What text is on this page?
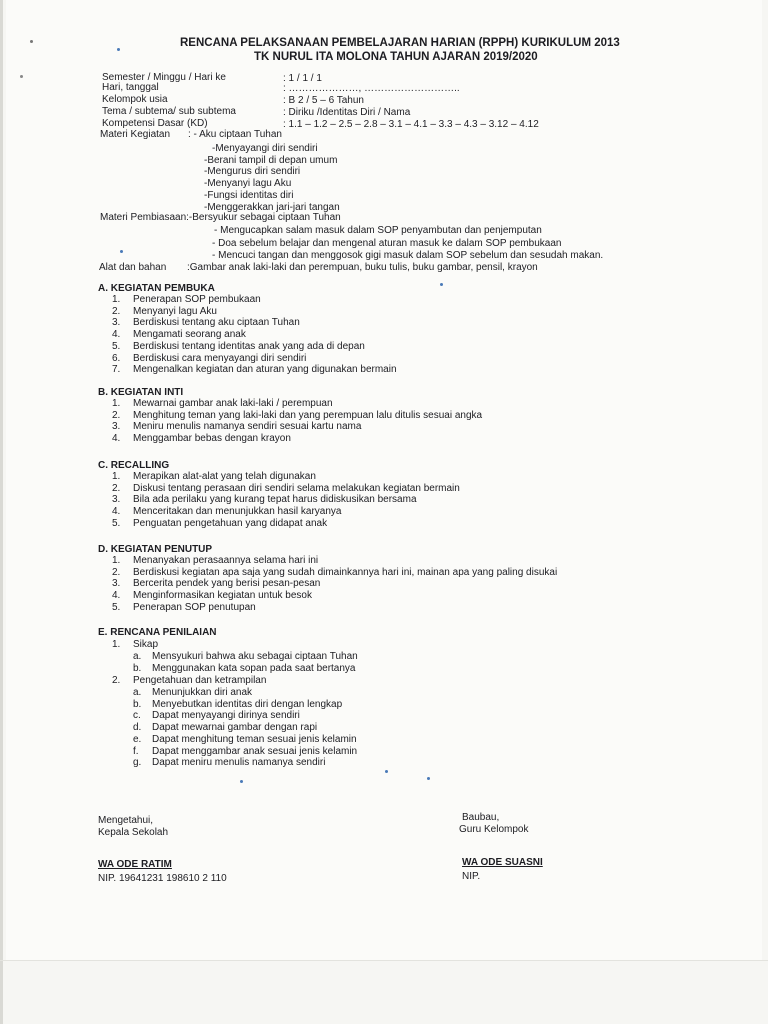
RENCANA PELAKSANAAN PEMBELAJARAN HARIAN (RPPH) KURIKULUM 2013
TK NURUL ITA MOLONA TAHUN AJARAN 2019/2020
Semester / Minggu / Hari ke	: 1 / 1 / 1
Hari, tanggal	: …………………, ………………………..
Kelompok usia	: B 2 / 5 – 6 Tahun
Tema / subtema/ sub subtema	: Diriku /Identitas Diri / Nama
Kompetensi Dasar (KD)	: 1.1 – 1.2 – 2.5 – 2.8 – 3.1 – 4.1 – 3.3 – 4.3 – 3.12 – 4.12
Materi Kegiatan : - Aku ciptaan Tuhan
-Menyayangi diri sendiri
-Berani tampil di depan umum
-Mengurus diri sendiri
-Menyanyi lagu Aku
-Fungsi identitas diri
-Menggerakkan jari-jari tangan
Materi Pembiasaan:-Bersyukur sebagai ciptaan Tuhan
- Mengucapkan salam masuk dalam SOP penyambutan dan penjemputan
- Doa sebelum belajar dan mengenal aturan masuk ke dalam SOP pembukaan
- Mencuci tangan dan menggosok gigi masuk dalam SOP sebelum dan sesudah makan.
Alat dan bahan :Gambar anak laki-laki dan perempuan, buku tulis, buku gambar, pensil, krayon
A. KEGIATAN PEMBUKA
1. Penerapan SOP pembukaan
2. Menyanyi lagu Aku
3. Berdiskusi tentang aku ciptaan Tuhan
4. Mengamati seorang anak
5. Berdiskusi tentang identitas anak yang ada di depan
6. Berdiskusi cara menyayangi diri sendiri
7. Mengenalkan kegiatan dan aturan yang digunakan bermain
B. KEGIATAN INTI
1. Mewarnai gambar anak laki-laki / perempuan
2. Menghitung teman yang laki-laki dan yang perempuan lalu ditulis sesuai angka
3. Meniru menulis namanya sendiri sesuai kartu nama
4. Menggambar bebas dengan krayon
C. RECALLING
1. Merapikan alat-alat yang telah digunakan
2. Diskusi tentang perasaan diri sendiri selama melakukan kegiatan bermain
3. Bila ada perilaku yang kurang tepat harus didiskusikan bersama
4. Menceritakan dan menunjukkan hasil karyanya
5. Penguatan pengetahuan yang didapat anak
D. KEGIATAN PENUTUP
1. Menanyakan perasaannya selama hari ini
2. Berdiskusi kegiatan apa saja yang sudah dimainkannya hari ini, mainan apa yang paling disukai
3. Bercerita pendek yang berisi pesan-pesan
4. Menginformasikan kegiatan untuk besok
5. Penerapan SOP penutupan
E. RENCANA PENILAIAN
1. Sikap
a. Mensyukuri bahwa aku sebagai ciptaan Tuhan
b. Menggunakan kata sopan pada saat bertanya
2. Pengetahuan dan ketrampilan
a. Menunjukkan diri anak
b. Menyebutkan identitas diri dengan lengkap
c. Dapat menyayangi dirinya sendiri
d. Dapat mewarnai gambar dengan rapi
e. Dapat menghitung teman sesuai jenis kelamin
f. Dapat menggambar anak sesuai jenis kelamin
g. Dapat meniru menulis namanya sendiri
Mengetahui,
Kepala Sekolah
WA ODE RATIM
NIP. 19641231 198610 2 110
Baubau,
Guru Kelompok
WA ODE SUASNI
NIP.
